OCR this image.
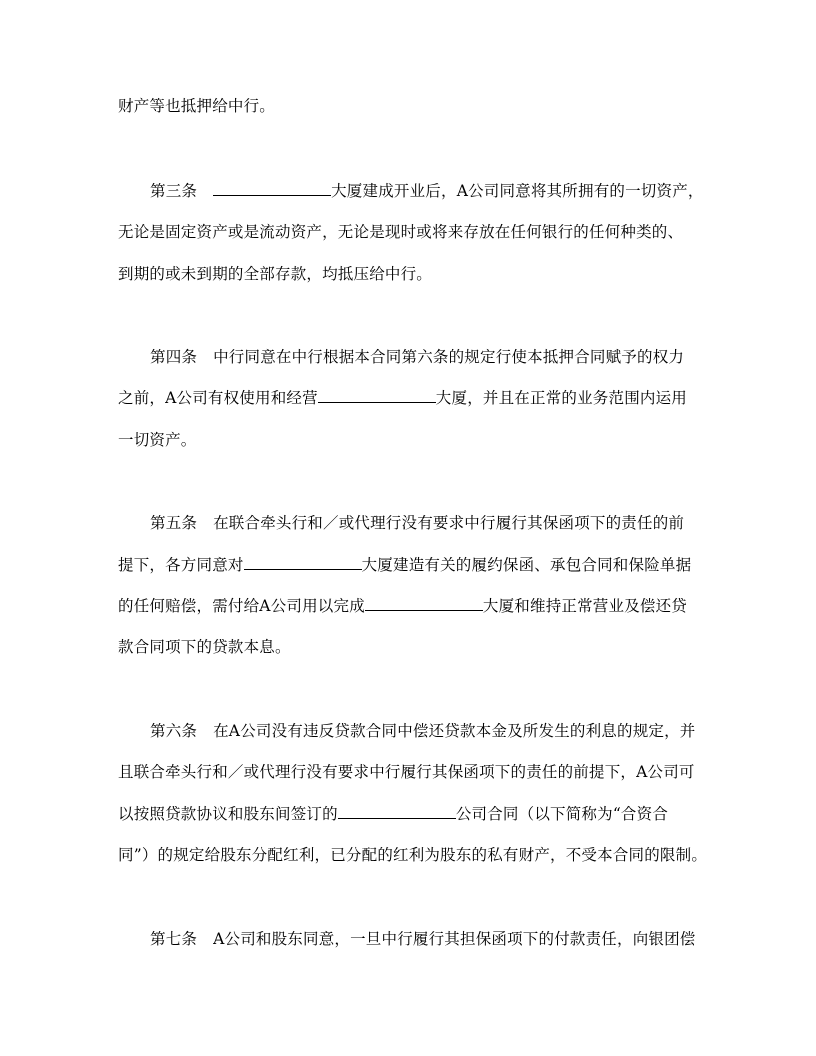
财产等也抵押给中行。
第三条	大厦建成开业后，A公司同意将其所拥有的一切资产，
无论是固定资产或是流动资产，无论是现时或将来存放在任何银行的任何种类的、
到期的或未到期的全部存款，均抵压给中行。
第四条 中行同意在中行根据本合同第六条的规定行使本抵押合同赋予的权力
之前，A公司有权使用和经营	大厦，并且在正常的业务范围内运用
一切资产。
第五条 在联合牵头行和／或代理行没有要求中行履行其保函项下的责任的前
提下，各方同意对	大厦建造有关的履约保函、承包合同和保险单据
的任何赔偿，需付给A公司用以完成	大厦和维持正常营业及偿还贷
款合同项下的贷款本息。
第六条 在A公司没有违反贷款合同中偿还贷款本金及所发生的利息的规定，并
且联合牵头行和／或代理行没有要求中行履行其保函项下的责任的前提下，A公司可
以按照贷款协议和股东间签订的	公司合同（以下简称为“合资合
同”）的规定给股东分配红利，已分配的红利为股东的私有财产，不受本合同的限制。
第七条 A公司和股东同意，一旦中行履行其担保函项下的付款责任，向银团偿
